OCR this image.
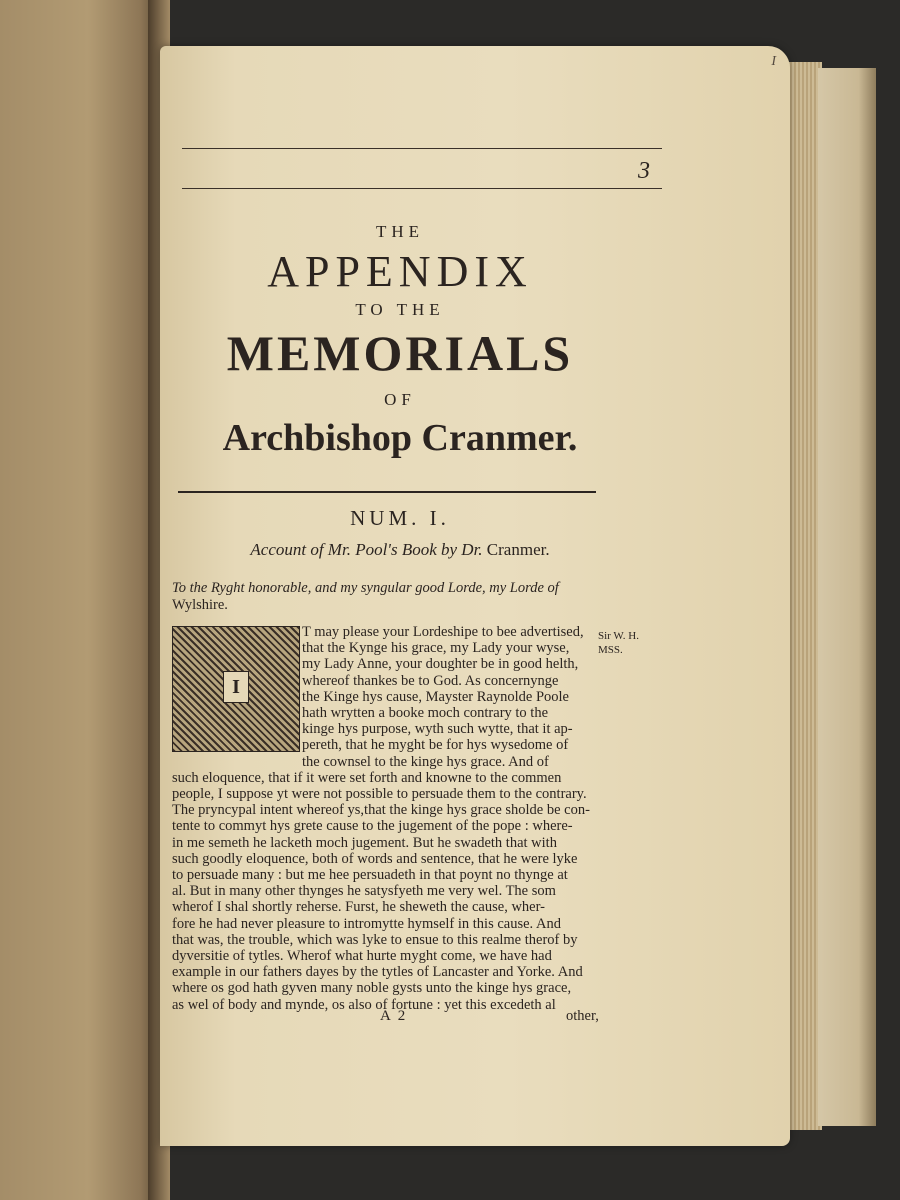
I
3
THE
APPENDIX
TO THE
MEMORIALS
OF
Archbishop Cranmer.
NUM. I.
Account of Mr. Pool's Book by Dr. Cranmer.
To the Ryght honorable, and my syngular good Lorde, my Lorde of
Wylshire.
I
Sir W. H.
MSS.
T may please your Lordeshipe to bee advertised,
that the Kynge his grace, my Lady your wyse,
my Lady Anne, your doughter be in good helth,
whereof thankes be to God. As concernynge
the Kinge hys cause, Mayster Raynolde Poole
hath wrytten a booke moch contrary to the
kinge hys purpose, wyth such wytte, that it ap-
pereth, that he myght be for hys wysedome of
the cownsel to the kinge hys grace. And of
such eloquence, that if it were set forth and knowne to the commen
people, I suppose yt were not possible to persuade them to the contrary.
The pryncypal intent whereof ys,that the kinge hys grace sholde be con-
tente to commyt hys grete cause to the jugement of the pope : where-
in me semeth he lacketh moch jugement. But he swadeth that with
such goodly eloquence, both of words and sentence, that he were lyke
to persuade many : but me hee persuadeth in that poynt no thynge at
al. But in many other thynges he satysfyeth me very wel. The som
wherof I shal shortly reherse. Furst, he sheweth the cause, wher-
fore he had never pleasure to intromytte hymself in this cause. And
that was, the trouble, which was lyke to ensue to this realme therof by
dyversitie of tytles. Wherof what hurte myght come, we have had
example in our fathers dayes by the tytles of Lancaster and Yorke. And
where os god hath gyven many noble gysts unto the kinge hys grace,
as wel of body and mynde, os also of fortune : yet this excedeth al
A 2	other,
